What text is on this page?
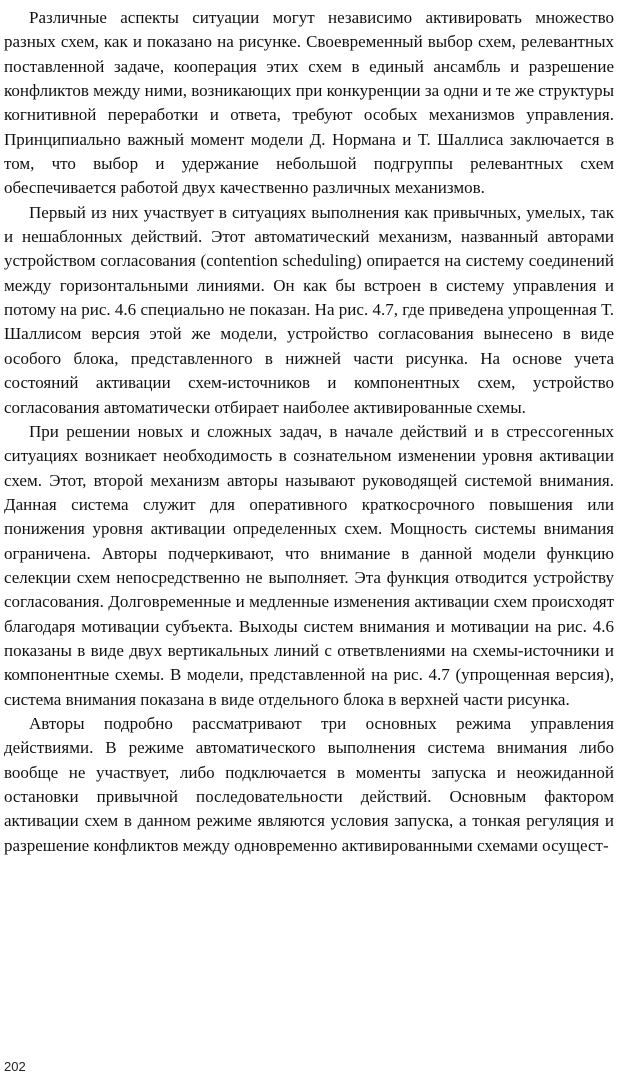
Различные аспекты ситуации могут независимо активировать множество разных схем, как и показано на рисунке. Своевременный выбор схем, релевантных поставленной задаче, кооперация этих схем в единый ансамбль и разрешение конфликтов между ними, возникающих при конкуренции за одни и те же структуры когнитивной переработки и ответа, требуют особых механизмов управления. Принципиально важный момент модели Д. Нормана и Т. Шаллиса заключается в том, что выбор и удержание небольшой подгруппы релевантных схем обеспечивается работой двух качественно различных механизмов.

Первый из них участвует в ситуациях выполнения как привычных, умелых, так и нешаблонных действий. Этот автоматический механизм, названный авторами устройством согласования (contention scheduling) опирается на систему соединений между горизонтальными линиями. Он как бы встроен в систему управления и потому на рис. 4.6 специально не показан. На рис. 4.7, где приведена упрощенная Т. Шаллисом версия этой же модели, устройство согласования вынесено в виде особого блока, представленного в нижней части рисунка. На основе учета состояний активации схем-источников и компонентных схем, устройство согласования автоматически отбирает наиболее активированные схемы.

При решении новых и сложных задач, в начале действий и в стрессогенных ситуациях возникает необходимость в сознательном изменении уровня активации схем. Этот, второй механизм авторы называют руководящей системой внимания. Данная система служит для оперативного краткосрочного повышения или понижения уровня активации определенных схем. Мощность системы внимания ограничена. Авторы подчеркивают, что внимание в данной модели функцию селекции схем непосредственно не выполняет. Эта функция отводится устройству согласования. Долговременные и медленные изменения активации схем происходят благодаря мотивации субъекта. Выходы систем внимания и мотивации на рис. 4.6 показаны в виде двух вертикальных линий с ответвлениями на схемы-источники и компонентные схемы. В модели, представленной на рис. 4.7 (упрощенная версия), система внимания показана в виде отдельного блока в верхней части рисунка.

Авторы подробно рассматривают три основных режима управления действиями. В режиме автоматического выполнения система внимания либо вообще не участвует, либо подключается в моменты запуска и неожиданной остановки привычной последовательности действий. Основным фактором активации схем в данном режиме являются условия запуска, а тонкая регуляция и разрешение конфликтов между одновременно активированными схемами осущест-

202
